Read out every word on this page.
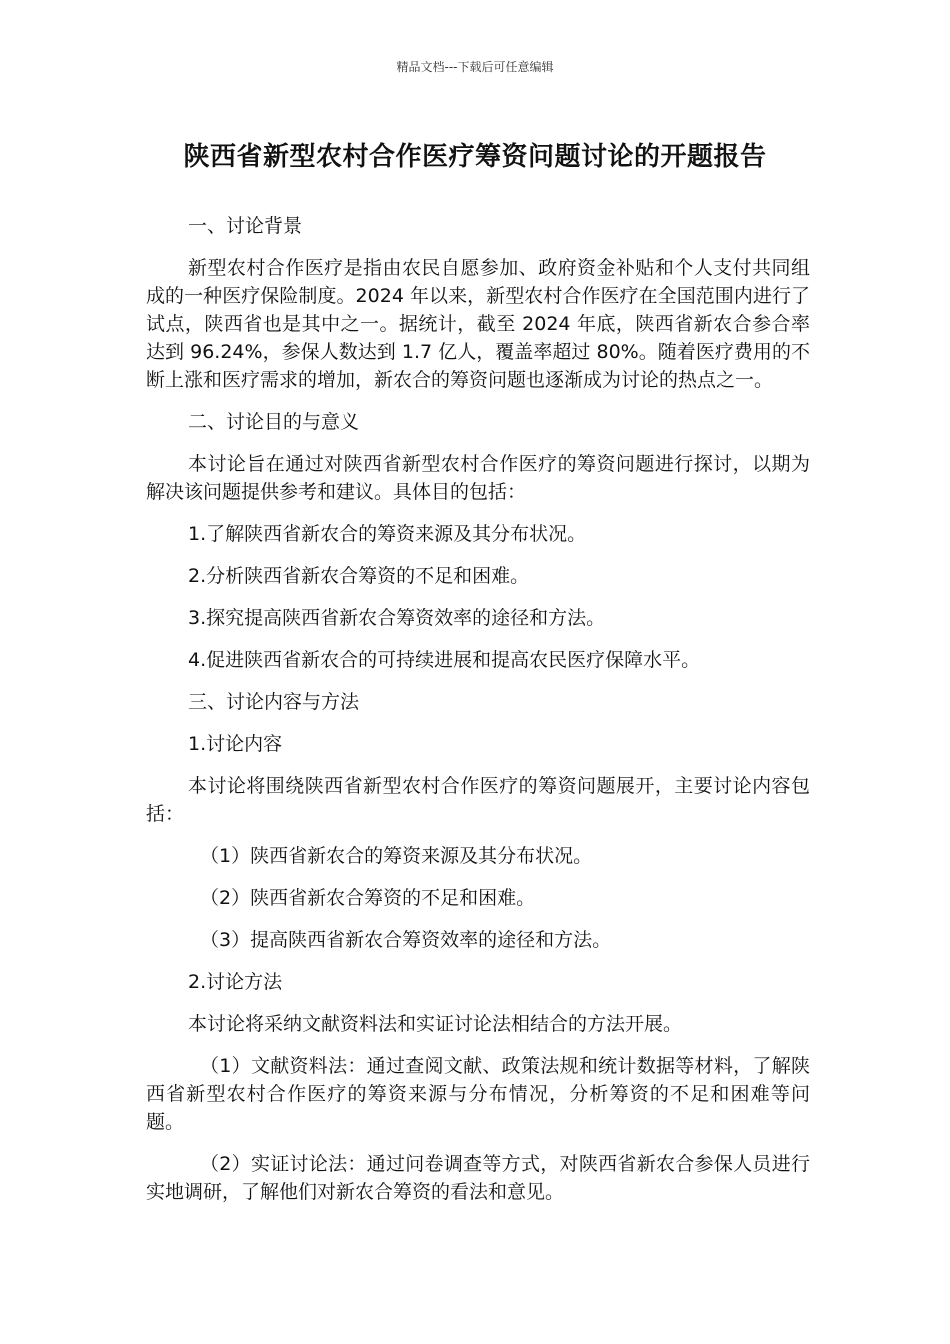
精品文档---下载后可任意编辑
陕西省新型农村合作医疗筹资问题讨论的开题报告

一、讨论背景

新型农村合作医疗是指由农民自愿参加、政府资金补贴和个人支付共同组成的一种医疗保险制度。2024 年以来，新型农村合作医疗在全国范围内进行了试点，陕西省也是其中之一。据统计，截至 2024 年底，陕西省新农合参合率达到 96.24%，参保人数达到 1.7 亿人，覆盖率超过 80%。随着医疗费用的不断上涨和医疗需求的增加，新农合的筹资问题也逐渐成为讨论的热点之一。

二、讨论目的与意义

本讨论旨在通过对陕西省新型农村合作医疗的筹资问题进行探讨，以期为解决该问题提供参考和建议。具体目的包括：

1.了解陕西省新农合的筹资来源及其分布状况。

2.分析陕西省新农合筹资的不足和困难。

3.探究提高陕西省新农合筹资效率的途径和方法。

4.促进陕西省新农合的可持续进展和提高农民医疗保障水平。

三、讨论内容与方法

1.讨论内容

本讨论将围绕陕西省新型农村合作医疗的筹资问题展开，主要讨论内容包括：

（1）陕西省新农合的筹资来源及其分布状况。

（2）陕西省新农合筹资的不足和困难。

（3）提高陕西省新农合筹资效率的途径和方法。

2.讨论方法

本讨论将采纳文献资料法和实证讨论法相结合的方法开展。

（1）文献资料法：通过查阅文献、政策法规和统计数据等材料，了解陕西省新型农村合作医疗的筹资来源与分布情况，分析筹资的不足和困难等问题。

（2）实证讨论法：通过问卷调查等方式，对陕西省新农合参保人员进行实地调研，了解他们对新农合筹资的看法和意见。
